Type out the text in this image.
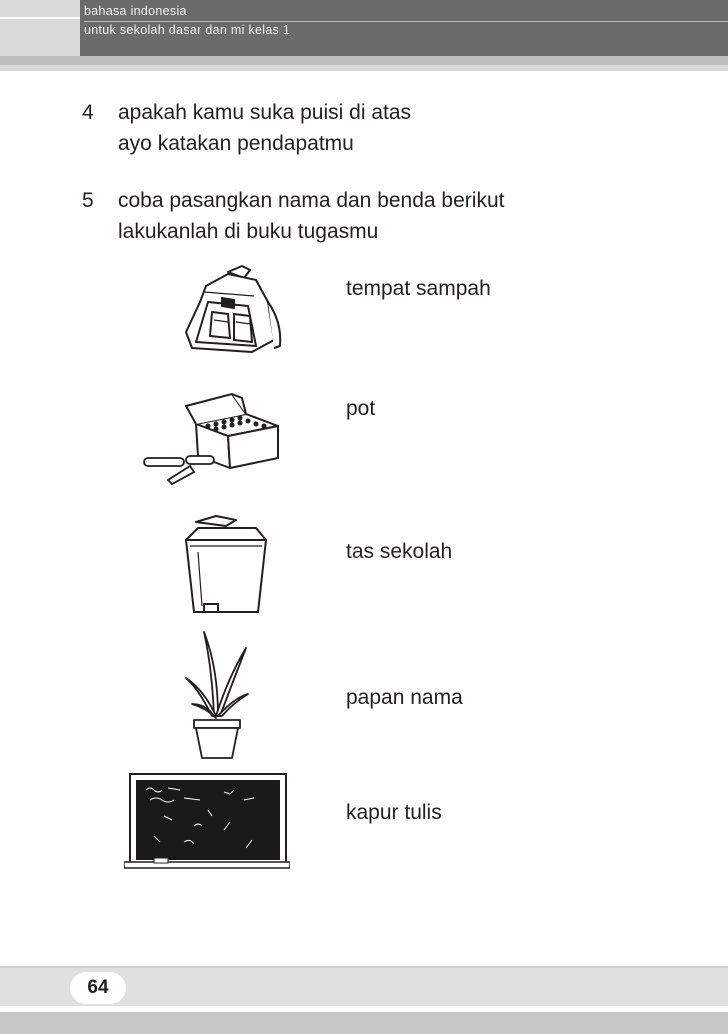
bahasa indonesia
untuk sekolah dasar dan mi kelas 1
4 apakah kamu suka puisi di atas
ayo katakan pendapatmu
5 coba pasangkan nama dan benda berikut
lakukanlah di buku tugasmu
tempat sampah
pot
tas sekolah
papan nama
kapur tulis
64
